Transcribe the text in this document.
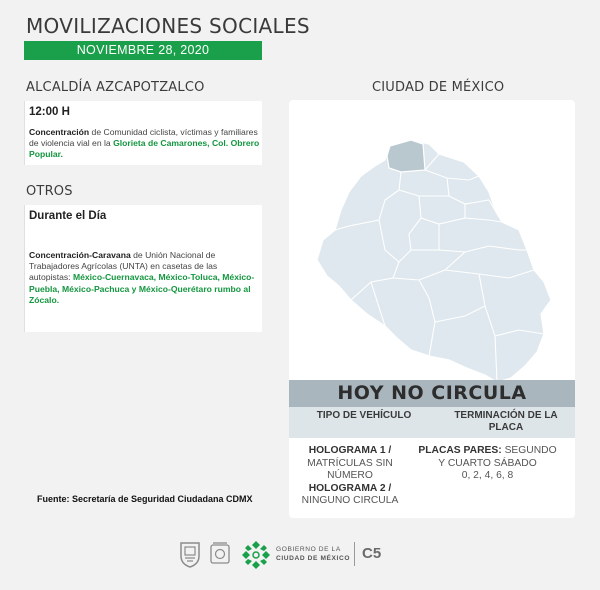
MOVILIZACIONES SOCIALES
NOVIEMBRE 28, 2020
ALCALDÍA AZCAPOTZALCO
12:00 H
Concentración de Comunidad ciclista, víctimas y familiares de violencia vial en la Glorieta de Camarones, Col. Obrero Popular.
OTROS
Durante el Día
Concentración-Caravana de Unión Nacional de Trabajadores Agrícolas (UNTA) en casetas de las autopistas: México-Cuernavaca, México-Toluca, México-Puebla, México-Pachuca y México-Querétaro rumbo al Zócalo.
Fuente: Secretaría de Seguridad Ciudadana CDMX
CIUDAD DE MÉXICO
HOY NO CIRCULA
TIPO DE VEHÍCULO	TERMINACIÓN DE LA PLACA
HOLOGRAMA 1 /
MATRÍCULAS SIN NÚMERO
HOLOGRAMA 2 /
NINGUNO CIRCULA
PLACAS PARES: SEGUNDO Y CUARTO SÁBADO
0, 2, 4, 6, 8
GOBIERNO DE LA
CIUDAD DE MÉXICO C5
